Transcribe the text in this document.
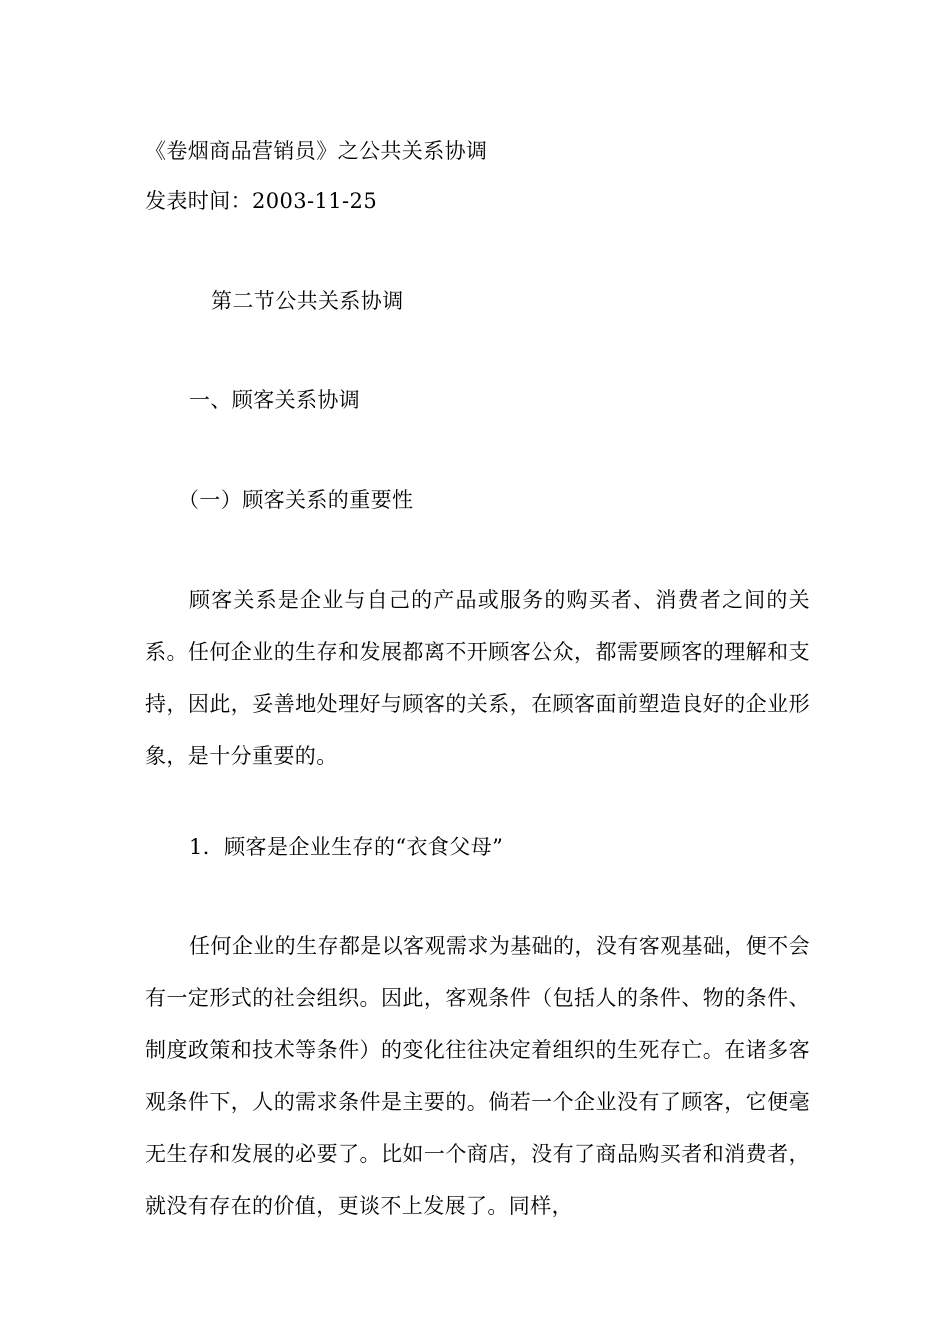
《卷烟商品营销员》之公共关系协调
发表时间：2003-11-25
第二节公共关系协调
一、顾客关系协调
（一）顾客关系的重要性
顾客关系是企业与自己的产品或服务的购买者、消费者之间的关系。任何企业的生存和发展都离不开顾客公众，都需要顾客的理解和支持，因此，妥善地处理好与顾客的关系，在顾客面前塑造良好的企业形象，是十分重要的。
1．顾客是企业生存的“衣食父母”
任何企业的生存都是以客观需求为基础的，没有客观基础，便不会有一定形式的社会组织。因此，客观条件（包括人的条件、物的条件、制度政策和技术等条件）的变化往往决定着组织的生死存亡。在诸多客观条件下，人的需求条件是主要的。倘若一个企业没有了顾客，它便毫无生存和发展的必要了。比如一个商店，没有了商品购买者和消费者，就没有存在的价值，更谈不上发展了。同样，
